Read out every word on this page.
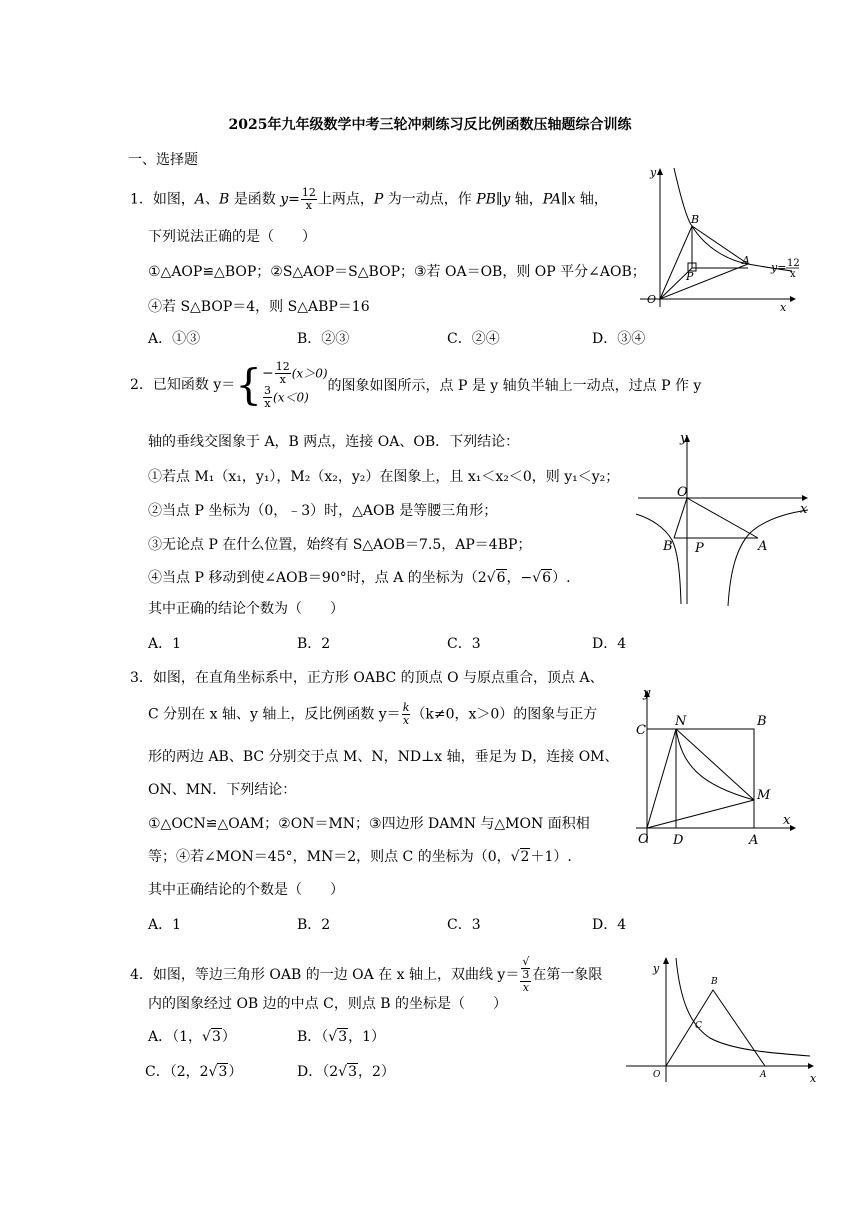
2025年九年级数学中考三轮冲刺练习反比例函数压轴题综合训练
一、选择题
1．如图，A、B 是函数 $y= \frac{12}{x}$ 上两点，P 为一动点，作 PB∥y 轴，PA∥x 轴，
下列说法正确的是（　　）
①△AOP≌△BOP；②S△AOP＝S△BOP；③若 OA＝OB，则 OP 平分∠AOB；
④若 S△BOP＝4，则 S△ABP＝16
A．①③	B．②③	C．②④	D．③④
y
x
O
B
A
P
y= 12
x
2．已知函数 $y=\{ - \frac{12}{x} (x>0)$
$\frac{3}{x} (x<0)$
的图象如图所示，点 P 是 y 轴负半轴上一动点，过点 P 作 y
轴的垂线交图象于 A，B 两点，连接 OA、OB．下列结论：
①若点 M₁（x₁，y₁），M₂（x₂，y₂）在图象上，且 x₁＜x₂＜0，则 y₁＜y₂；
②当点 P 坐标为（0，﹣3）时，△AOB 是等腰三角形；
③无论点 P 在什么位置，始终有 S△AOB＝7.5，AP＝4BP；
④当点 P 移动到使∠AOB＝90°时，点 A 的坐标为（2√6，−√6）.
其中正确的结论个数为（　　）
A．1	B．2	C．3	D．4
y
x
O
B P	A
3．如图，在直角坐标系中，正方形 OABC 的顶点 O 与原点重合，顶点 A、
C 分别在 x 轴、y 轴上，反比例函数 $y= \frac{k}{x} (k\ne 0$，x＞0）的图象与正方
形的两边 AB、BC 分别交于点 M、N，ND⊥x 轴，垂足为 D，连接 OM、
ON、MN．下列结论：
①△OCN≌△OAM；②ON＝MN；③四边形 DAMN 与△MON 面积相
等；④若∠MON＝45°，MN＝2，则点 C 的坐标为（0，√2＋1）.
其中正确结论的个数是（　　）
A．1	B．2	C．3	D．4
y
x
C
N	B
M
O D	A
4．如图，等边三角形 OAB 的一边 OA 在 x 轴上，双曲线 y＝ √
3
x 在第一象限
内的图象经过 OB 边的中点 C，则点 B 的坐标是（　　）
A．（1，√3）	B．（√3，1）
C．（2，2√3）	D．（2√3，2）
y
x
O
B
C
A
